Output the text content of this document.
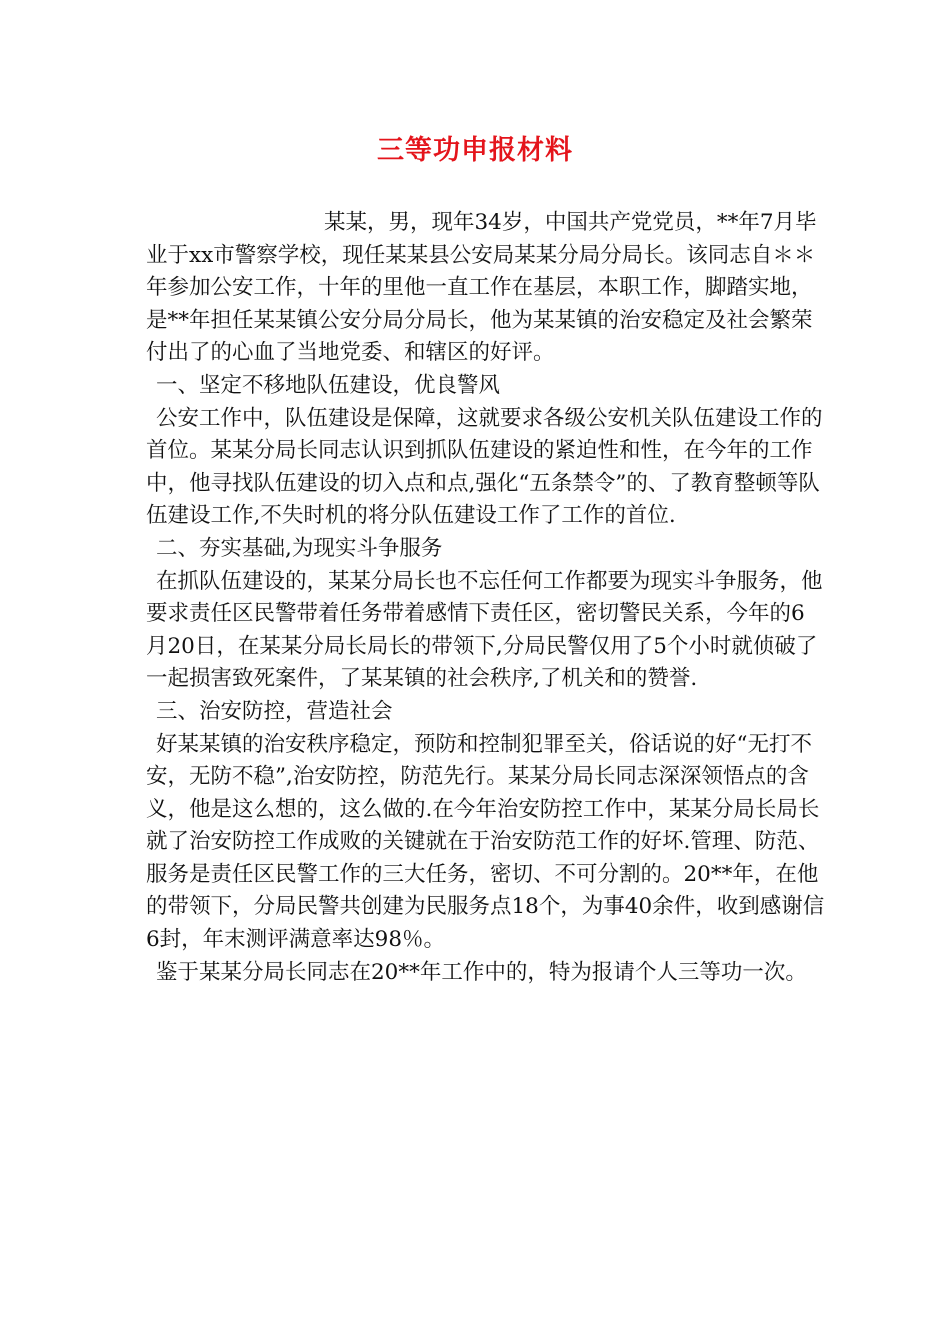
三等功申报材料

某某，男，现年34岁，中国共产党党员，**年7月毕业于xx市警察学校，现任某某县公安局某某分局分局长。该同志自＊＊年参加公安工作，十年的里他一直工作在基层，本职工作，脚踏实地，是**年担任某某镇公安分局分局长，他为某某镇的治安稳定及社会繁荣付出了的心血了当地党委、和辖区的好评。

一、坚定不移地队伍建设，优良警风

公安工作中，队伍建设是保障，这就要求各级公安机关队伍建设工作的首位。某某分局长同志认识到抓队伍建设的紧迫性和性，在今年的工作中，他寻找队伍建设的切入点和点,强化“五条禁令”的、了教育整顿等队伍建设工作,不失时机的将分队伍建设工作了工作的首位.

二、夯实基础,为现实斗争服务

在抓队伍建设的，某某分局长也不忘任何工作都要为现实斗争服务，他要求责任区民警带着任务带着感情下责任区，密切警民关系，今年的6月20日，在某某分局长局长的带领下,分局民警仅用了5个小时就侦破了一起损害致死案件，了某某镇的社会秩序,了机关和的赞誉.

三、治安防控，营造社会

好某某镇的治安秩序稳定，预防和控制犯罪至关，俗话说的好“无打不安，无防不稳”,治安防控，防范先行。某某分局长同志深深领悟点的含义，他是这么想的，这么做的.在今年治安防控工作中，某某分局长局长就了治安防控工作成败的关键就在于治安防范工作的好坏.管理、防范、服务是责任区民警工作的三大任务，密切、不可分割的。20**年，在他的带领下，分局民警共创建为民服务点18个，为事40余件，收到感谢信6封，年末测评满意率达98％。

鉴于某某分局长同志在20**年工作中的，特为报请个人三等功一次。
